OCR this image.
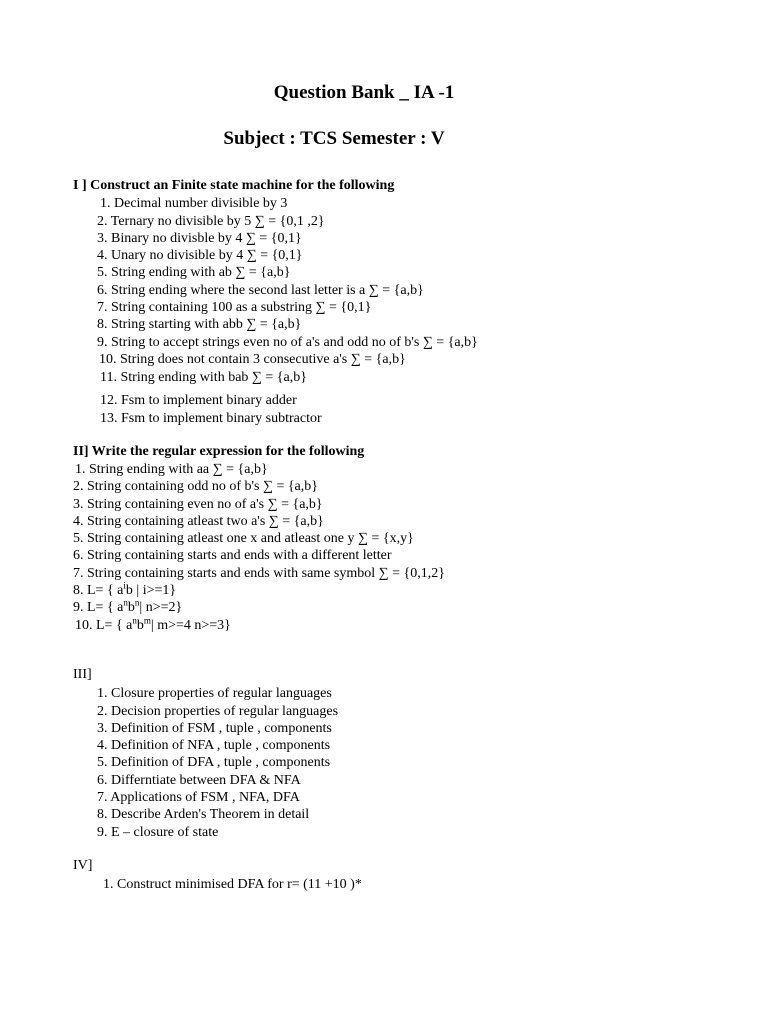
Question Bank _ IA -1
Subject : TCS Semester : V
I ] Construct an Finite state machine for the following
1. Decimal number divisible by 3
2. Ternary no divisible by 5 ∑ = {0,1 ,2}
3. Binary no divisble by 4 ∑ = {0,1}
4. Unary no divisible by 4 ∑ = {0,1}
5. String ending with ab ∑ = {a,b}
6. String ending where the second last letter is a ∑ = {a,b}
7. String containing 100 as a substring ∑ = {0,1}
8. String starting with abb ∑ = {a,b}
9. String to accept strings even no of a's and odd no of b's ∑ = {a,b}
10. String does not contain 3 consecutive a's ∑ = {a,b}
11. String ending with bab ∑ = {a,b}
12. Fsm to implement binary adder
13. Fsm to implement binary subtractor
II] Write the regular expression for the following
1. String ending with aa ∑ = {a,b}
2. String containing odd no of b's ∑ = {a,b}
3. String containing even no of a's ∑ = {a,b}
4. String containing atleast two a's ∑ = {a,b}
5. String containing atleast one x and atleast one y ∑ = {x,y}
6. String containing starts and ends with a different letter
7. String containing starts and ends with same symbol ∑ = {0,1,2}
8. L= { $a^ib$ | i>=1}
9. L= { $a^nb^n|$ n>=2}
10. L= { $a^nb^m|$ m>=4 n>=3}
III]
1. Closure properties of regular languages
2. Decision properties of regular languages
3. Definition of FSM , tuple , components
4. Definition of NFA , tuple , components
5. Definition of DFA , tuple , components
6. Differntiate between DFA & NFA
7. Applications of FSM , NFA, DFA
8. Describe Arden's Theorem in detail
9. E – closure of state
IV]
1. Construct minimised DFA for r= (11 +10 )*
